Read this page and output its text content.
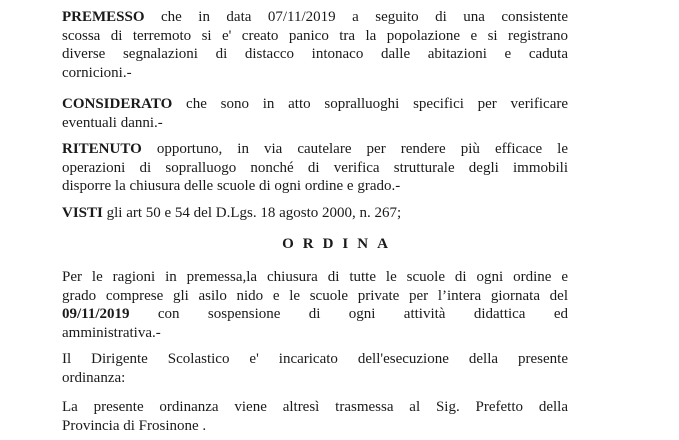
PREMESSO che in data 07/11/2019 a seguito di una consistente
scossa di terremoto si e' creato panico tra la popolazione e si registrano
diverse segnalazioni di distacco intonaco dalle abitazioni e caduta
cornicioni.-
CONSIDERATO che sono in atto sopralluoghi specifici per verificare
eventuali danni.-
RITENUTO opportuno, in via cautelare per rendere più efficace le
operazioni di sopralluogo nonché di verifica strutturale degli immobili
disporre la chiusura delle scuole di ogni ordine e grado.-
VISTI gli art 50 e 54 del D.Lgs. 18 agosto 2000, n. 267;
ORDINA
Per le ragioni in premessa,la chiusura di tutte le scuole di ogni ordine e
grado comprese gli asilo nido e le scuole private per l’intera giornata del
09/11/2019 con sospensione di ogni attività didattica ed
amministrativa.-
Il Dirigente Scolastico e' incaricato dell'esecuzione della presente
ordinanza:
La presente ordinanza viene altresì trasmessa al Sig. Prefetto della
Provincia di Frosinone .
